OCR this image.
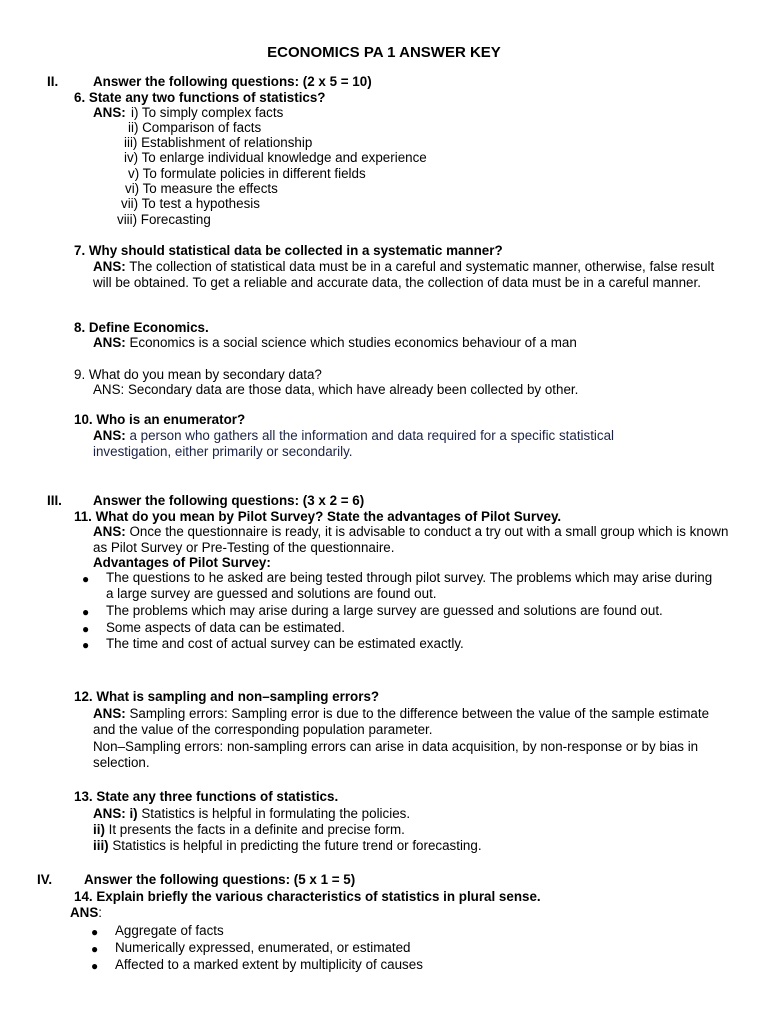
ECONOMICS PA 1 ANSWER KEY
II.	Answer the following questions: (2 x 5 = 10)
6. State any two functions of statistics?
ANS: i) To simply complex facts
ii) Comparison of facts
iii) Establishment of relationship
iv) To enlarge individual knowledge and experience
v) To formulate policies in different fields
vi) To measure the effects
vii) To test a hypothesis
viii) Forecasting
7. Why should statistical data be collected in a systematic manner?
ANS: The collection of statistical data must be in a careful and systematic manner, otherwise, false result will be obtained. To get a reliable and accurate data, the collection of data must be in a careful manner.
8. Define Economics.
ANS: Economics is a social science which studies economics behaviour of a man
9. What do you mean by secondary data?
ANS: Secondary data are those data, which have already been collected by other.
10. Who is an enumerator?
ANS: a person who gathers all the information and data required for a specific statistical investigation, either primarily or secondarily.
III. Answer the following questions: (3 x 2 = 6)
11. What do you mean by Pilot Survey? State the advantages of Pilot Survey.
ANS: Once the questionnaire is ready, it is advisable to conduct a try out with a small group which is known as Pilot Survey or Pre-Testing of the questionnaire.
Advantages of Pilot Survey:
● The questions to he asked are being tested through pilot survey. The problems which may arise during a large survey are guessed and solutions are found out.
● The problems which may arise during a large survey are guessed and solutions are found out.
● Some aspects of data can be estimated.
● The time and cost of actual survey can be estimated exactly.
12. What is sampling and non–sampling errors?
ANS: Sampling errors: Sampling error is due to the difference between the value of the sample estimate and the value of the corresponding population parameter.
Non–Sampling errors: non-sampling errors can arise in data acquisition, by non-response or by bias in selection.
13. State any three functions of statistics.
ANS: i) Statistics is helpful in formulating the policies.
ii) It presents the facts in a definite and precise form.
iii) Statistics is helpful in predicting the future trend or forecasting.
IV. Answer the following questions: (5 x 1 = 5)
14. Explain briefly the various characteristics of statistics in plural sense.
ANS:
● Aggregate of facts
● Numerically expressed, enumerated, or estimated
● Affected to a marked extent by multiplicity of causes
